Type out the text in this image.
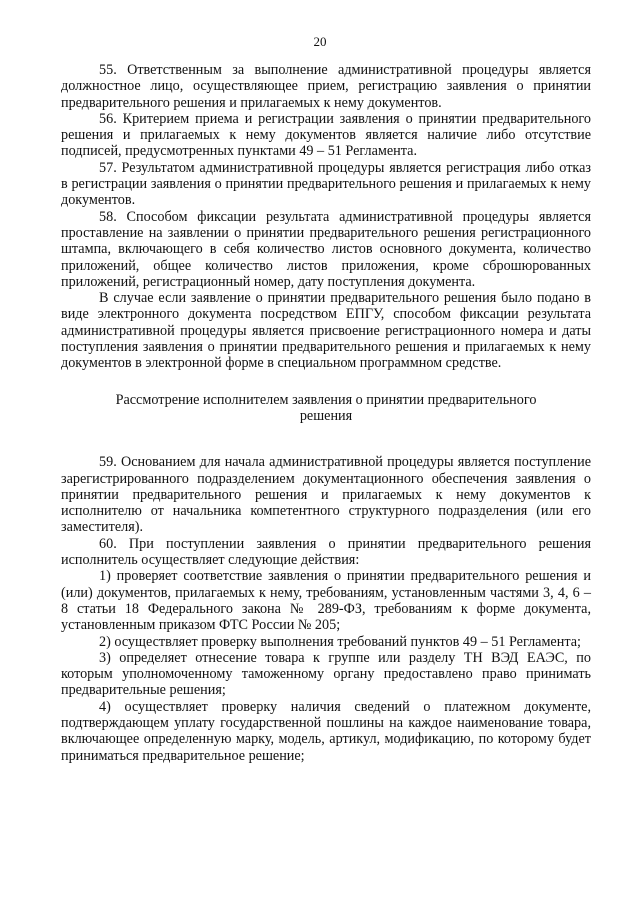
20

55. Ответственным за выполнение административной процедуры является должностное лицо, осуществляющее прием, регистрацию заявления о принятии предварительного решения и прилагаемых к нему документов.

56. Критерием приема и регистрации заявления о принятии предварительного решения и прилагаемых к нему документов является наличие либо отсутствие подписей, предусмотренных пунктами 49 – 51 Регламента.

57. Результатом административной процедуры является регистрация либо отказ в регистрации заявления о принятии предварительного решения и прилагаемых к нему документов.

58. Способом фиксации результата административной процедуры является проставление на заявлении о принятии предварительного решения регистрационного штампа, включающего в себя количество листов основного документа, количество приложений, общее количество листов приложения, кроме сброшюрованных приложений, регистрационный номер, дату поступления документа.

В случае если заявление о принятии предварительного решения было подано в виде электронного документа посредством ЕПГУ, способом фиксации результата административной процедуры является присвоение регистрационного номера и даты поступления заявления о принятии предварительного решения и прилагаемых к нему документов в электронной форме в специальном программном средстве.

Рассмотрение исполнителем заявления о принятии предварительного решения

59. Основанием для начала административной процедуры является поступление зарегистрированного подразделением документационного обеспечения заявления о принятии предварительного решения и прилагаемых к нему документов к исполнителю от начальника компетентного структурного подразделения (или его заместителя).

60. При поступлении заявления о принятии предварительного решения исполнитель осуществляет следующие действия:

1) проверяет соответствие заявления о принятии предварительного решения и (или) документов, прилагаемых к нему, требованиям, установленным частями 3, 4, 6 – 8 статьи 18 Федерального закона № 289-ФЗ, требованиям к форме документа, установленным приказом ФТС России № 205;

2) осуществляет проверку выполнения требований пунктов 49 – 51 Регламента;

3) определяет отнесение товара к группе или разделу ТН ВЭД ЕАЭС, по которым уполномоченному таможенному органу предоставлено право принимать предварительные решения;

4) осуществляет проверку наличия сведений о платежном документе, подтверждающем уплату государственной пошлины на каждое наименование товара, включающее определенную марку, модель, артикул, модификацию, по которому будет приниматься предварительное решение;
